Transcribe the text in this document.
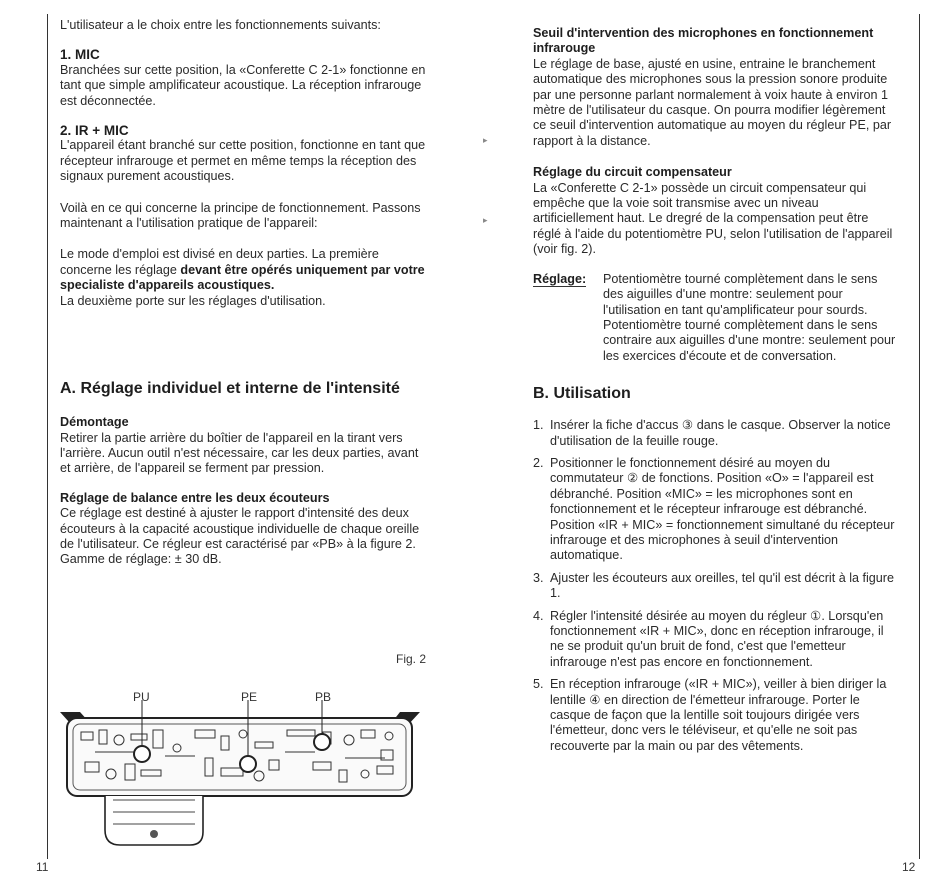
▸
▸

L'utilisateur a le choix entre les fonctionnements suivants:

1. MIC

Branchées sur cette position, la «Conferette C 2-1» fonctionne en tant que simple amplificateur acoustique. La réception infrarouge est déconnectée.

2. IR + MIC

L'appareil étant branché sur cette position, fonctionne en tant que récepteur infrarouge et permet en même temps la réception des signaux purement acoustiques.

Voilà en ce qui concerne la principe de fonctionnement. Passons maintenant a l'utilisation pratique de l'appareil:

Le mode d'emploi est divisé en deux parties. La première concerne les réglage devant être opérés uniquement par votre specialiste d'appareils acoustiques.

La deuxième porte sur les réglages d'utilisation.

A. Réglage individuel et interne de l'intensité

Démontage

Retirer la partie arrière du boîtier de l'appareil en la tirant vers l'arrière. Aucun outil n'est nécessaire, car les deux parties, avant et arrière, de l'appareil se ferment par pression.

Réglage de balance entre les deux écouteurs

Ce réglage est destiné à ajuster le rapport d'intensité des deux écouteurs à la capacité acoustique individuelle de chaque oreille de l'utilisateur. Ce régleur est caractérisé par «PB» à la figure 2. Gamme de réglage: ± 30 dB.

Fig. 2
PU	PE	PB
11

Seuil d'intervention des microphones en fonctionnement infrarouge

Le réglage de base, ajusté en usine, entraine le branchement automatique des microphones sous la pression sonore produite par une personne parlant normalement à voix haute à environ 1 mètre de l'utilisateur du casque. On pourra modifier légèrement ce seuil d'intervention automatique au moyen du régleur PE, par rapport à la distance.

Réglage du circuit compensateur

La «Conferette C 2-1» possède un circuit compensateur qui empêche que la voie soit transmise avec un niveau artificiellement haut. Le dregré de la compensation peut être réglé à l'aide du potentiomètre PU, selon l'utilisation de l'appareil (voir fig. 2).

Réglage:	Potentiomètre tourné complètement dans le sens des aiguilles d'une montre: seulement pour l'utilisation en tant qu'amplificateur pour sourds.

Potentiomètre tourné complètement dans le sens contraire aux aiguilles d'une montre: seulement pour les exercices d'écoute et de conversation.

B. Utilisation

1. Insérer la fiche d'accus ③ dans le casque. Observer la notice d'utilisation de la feuille rouge.
2. Positionner le fonctionnement désiré au moyen du commutateur ② de fonctions. Position «O» = l'appareil est débranché. Position «MIC» = les microphones sont en fonctionnement et le récepteur infrarouge est débranché. Position «IR + MIC» = fonctionnement simultané du récepteur infrarouge et des microphones à seuil d'intervention automatique.
3. Ajuster les écouteurs aux oreilles, tel qu'il est décrit à la figure 1.
4. Régler l'intensité désirée au moyen du régleur ①. Lorsqu'en fonctionnement «IR + MIC», donc en réception infrarouge, il ne se produit qu'un bruit de fond, c'est que l'emetteur infrarouge n'est pas encore en fonctionnement.
5. En réception infrarouge («IR + MIC»), veiller à bien diriger la lentille ④ en direction de l'émetteur infrarouge. Porter le casque de façon que la lentille soit toujours dirigée vers l'émetteur, donc vers le téléviseur, et qu'elle ne soit pas recouverte par la main ou par des vêtements.
12
